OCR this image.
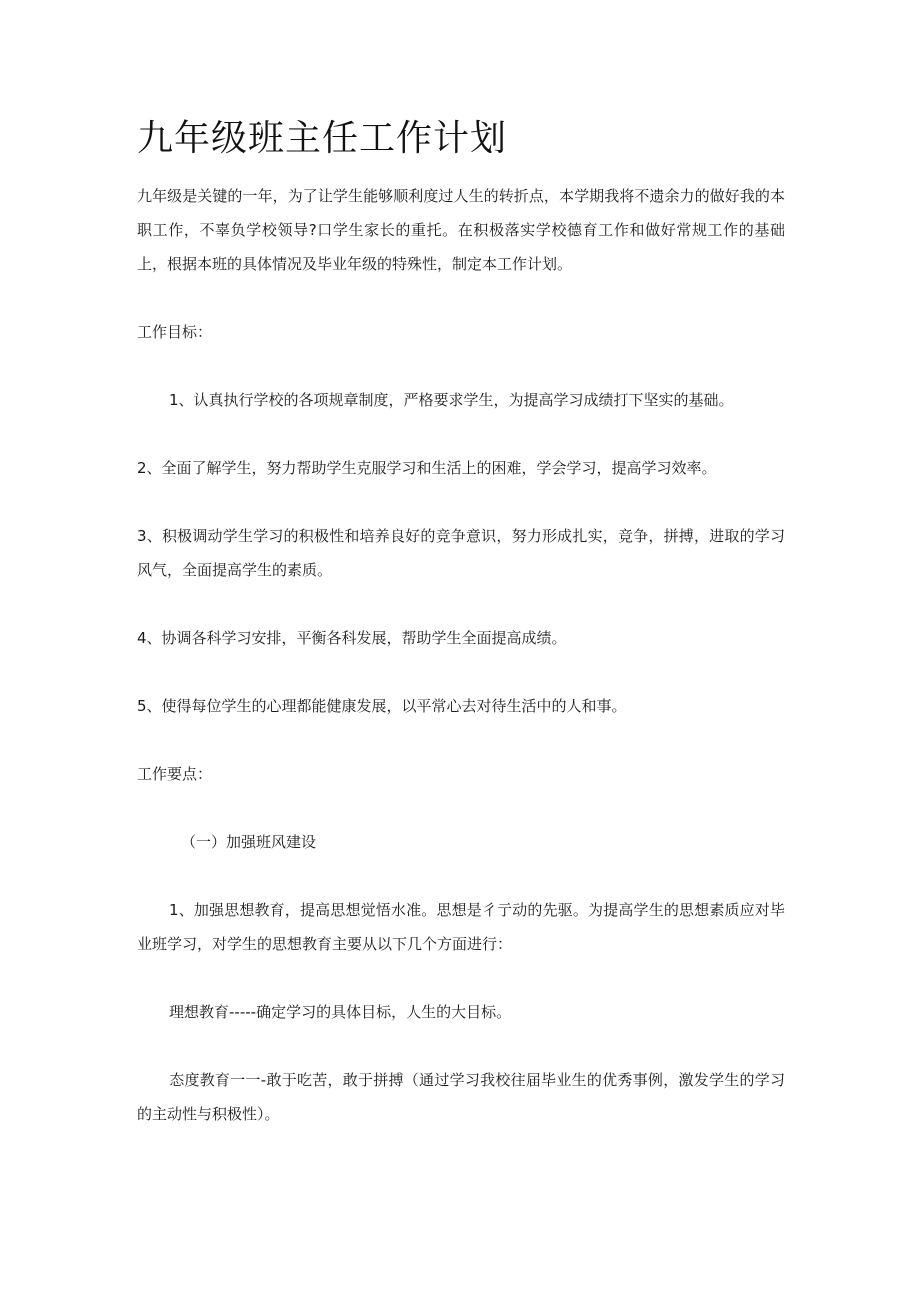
九年级班主任工作计划

九年级是关键的一年，为了让学生能够顺利度过人生的转折点，本学期我将不遗余力的做好我的本职工作，不辜负学校领导?口学生家长的重托。在积极落实学校德育工作和做好常规工作的基础上，根据本班的具体情况及毕业年级的特殊性，制定本工作计划。

工作目标：

1、认真执行学校的各项规章制度，严格要求学生，为提高学习成绩打下坚实的基础。

2、全面了解学生，努力帮助学生克服学习和生活上的困难，学会学习，提高学习效率。

3、积极调动学生学习的积极性和培养良好的竞争意识，努力形成扎实，竞争，拼搏，进取的学习风气，全面提高学生的素质。

4、协调各科学习安排，平衡各科发展，帮助学生全面提高成绩。

5、使得每位学生的心理都能健康发展，以平常心去对待生活中的人和事。

工作要点：

（一）加强班风建设

1、加强思想教育，提高思想觉悟水准。思想是彳亍动的先驱。为提高学生的思想素质应对毕业班学习，对学生的思想教育主要从以下几个方面进行：

理想教育-----确定学习的具体目标，人生的大目标。

态度教育一一-敢于吃苦，敢于拼搏（通过学习我校往届毕业生的优秀事例，激发学生的学习的主动性与积极性）。
